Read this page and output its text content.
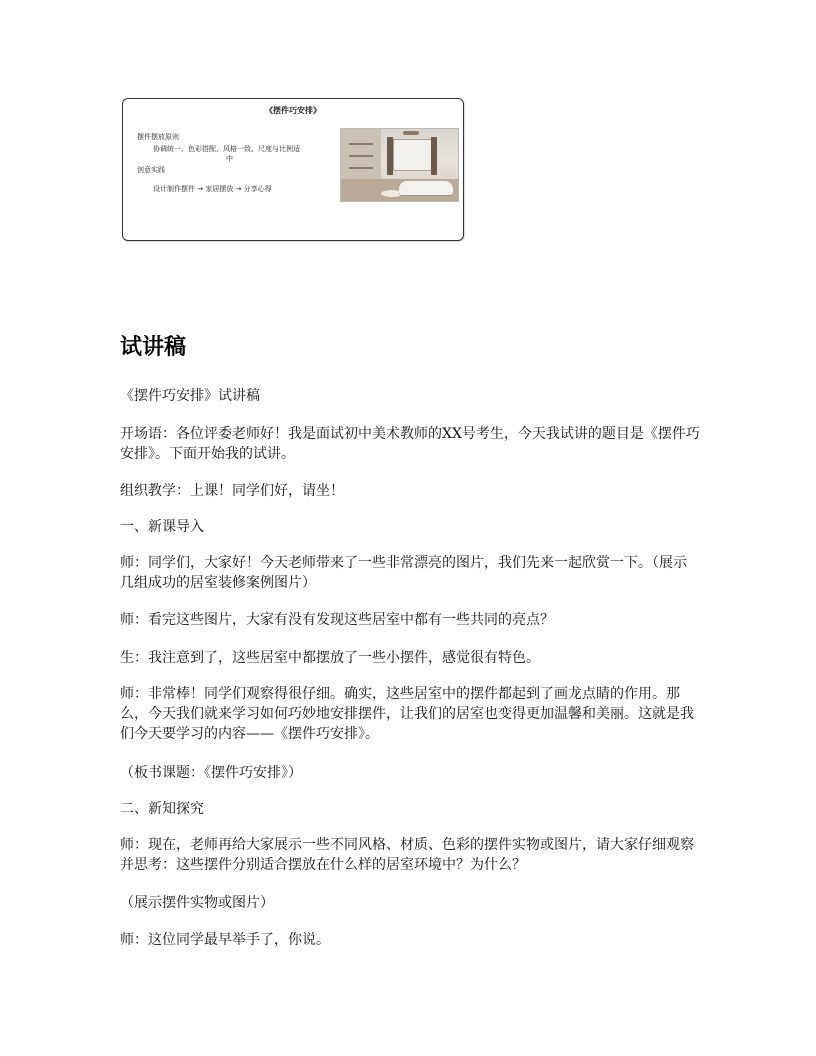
《摆件巧安排》
摆件摆放原则
协调统一、色彩搭配、风格一致、尺度与比例适
中
创意实践
设计制作摆件 → 家居摆放 → 分享心得
试讲稿
《摆件巧安排》试讲稿
开场语：各位评委老师好！我是面试初中美术教师的XX号考生，今天我试讲的题目是《摆件巧安排》。下面开始我的试讲。
组织教学：上课！同学们好，请坐！
一、新课导入
师：同学们，大家好！今天老师带来了一些非常漂亮的图片，我们先来一起欣赏一下。（展示几组成功的居室装修案例图片）
师：看完这些图片，大家有没有发现这些居室中都有一些共同的亮点？
生：我注意到了，这些居室中都摆放了一些小摆件，感觉很有特色。
师：非常棒！同学们观察得很仔细。确实，这些居室中的摆件都起到了画龙点睛的作用。那么，今天我们就来学习如何巧妙地安排摆件，让我们的居室也变得更加温馨和美丽。这就是我们今天要学习的内容——《摆件巧安排》。
（板书课题：《摆件巧安排》）
二、新知探究
师：现在，老师再给大家展示一些不同风格、材质、色彩的摆件实物或图片，请大家仔细观察并思考：这些摆件分别适合摆放在什么样的居室环境中？为什么？
（展示摆件实物或图片）
师：这位同学最早举手了，你说。
